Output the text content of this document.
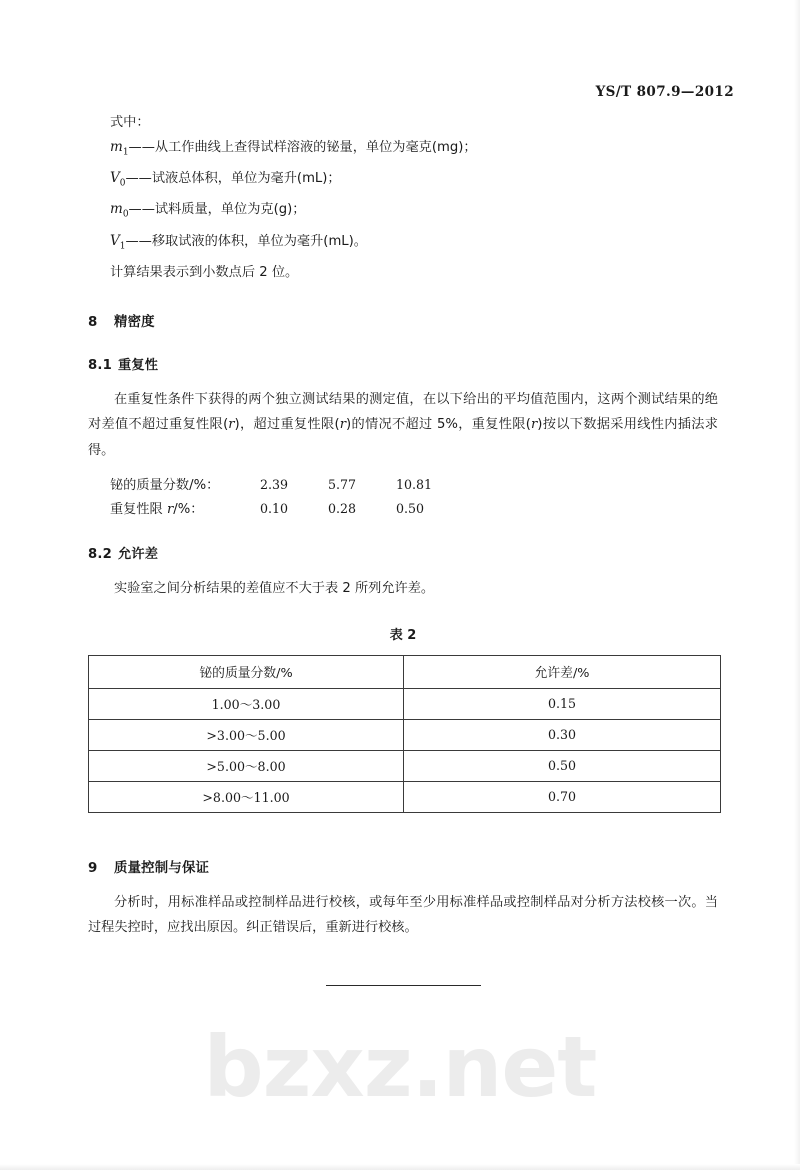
YS/T 807.9—2012
式中：
$m_1——$从工作曲线上查得试样溶液的铋量，单位为毫克(mg)；
$V_0——$试液总体积，单位为毫升(mL)；
$m_0——$试料质量，单位为克(g)；
$V_1——$移取试液的体积，单位为毫升(mL)。
计算结果表示到小数点后 2 位。
8 精密度
8.1 重复性

在重复性条件下获得的两个独立测试结果的测定值，在以下给出的平均值范围内，这两个测试结果的绝对差值不超过重复性限(r)，超过重复性限(r)的情况不超过 5%，重复性限(r)按以下数据采用线性内插法求得。

铋的质量分数/%：	2.39	5.77	10.81
重复性限 r/%：	0.10	0.28	0.50
8.2 允许差

实验室之间分析结果的差值应不大于表 2 所列允许差。

表 2
铋的质量分数/%	允许差/%
1.00～3.00	0.15
>3.00～5.00	0.30
>5.00～8.00	0.50
>8.00～11.00	0.70
9 质量控制与保证

分析时，用标准样品或控制样品进行校核，或每年至少用标准样品或控制样品对分析方法校核一次。当过程失控时，应找出原因。纠正错误后，重新进行校核。

bzxz.net
